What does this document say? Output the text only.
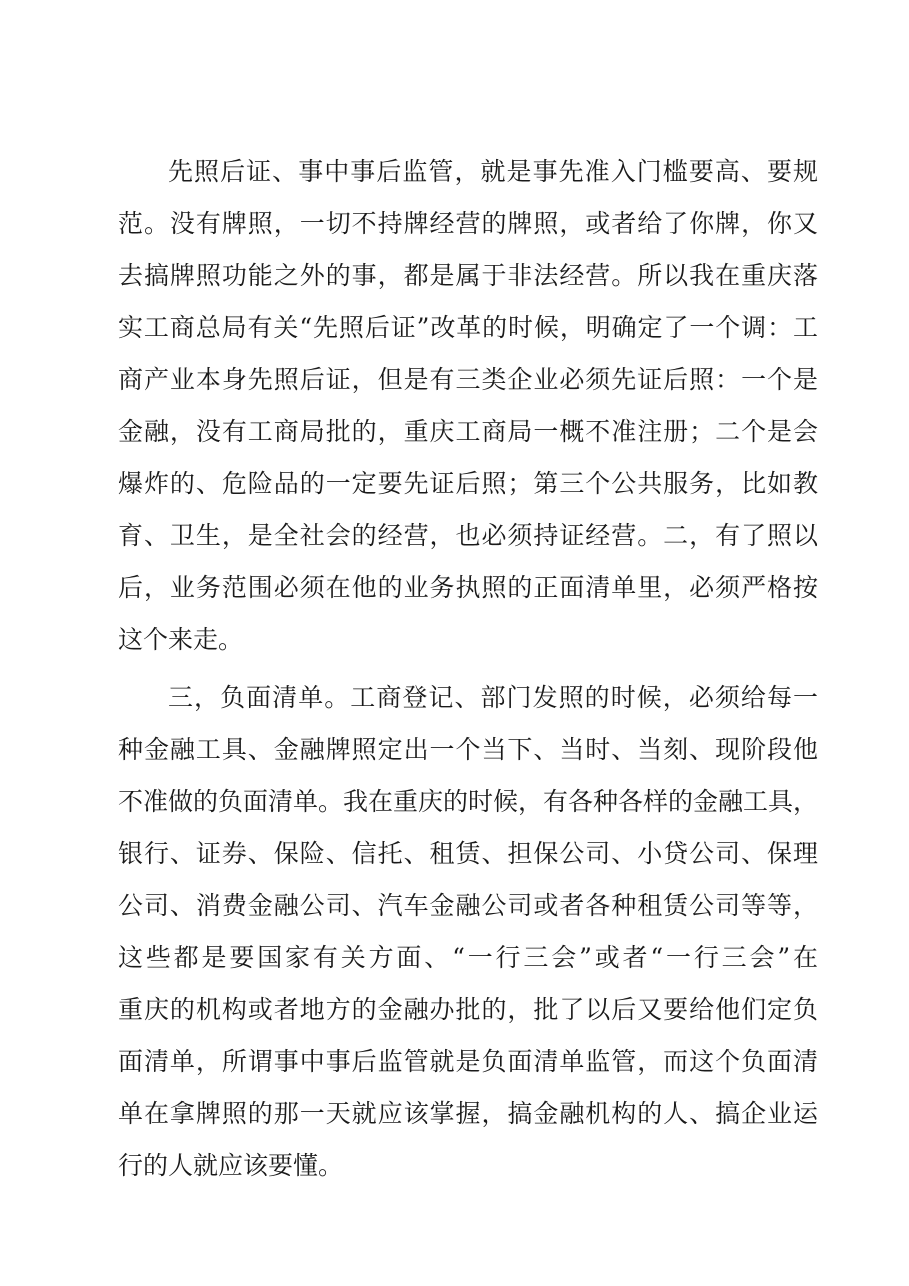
先照后证、事中事后监管，就是事先准入门槛要高、要规
范。没有牌照，一切不持牌经营的牌照，或者给了你牌，你又
去搞牌照功能之外的事，都是属于非法经营。所以我在重庆落
实工商总局有关“先照后证”改革的时候，明确定了一个调：工
商产业本身先照后证，但是有三类企业必须先证后照：一个是
金融，没有工商局批的，重庆工商局一概不准注册；二个是会
爆炸的、危险品的一定要先证后照；第三个公共服务，比如教
育、卫生，是全社会的经营，也必须持证经营。二，有了照以
后，业务范围必须在他的业务执照的正面清单里，必须严格按
这个来走。
三，负面清单。工商登记、部门发照的时候，必须给每一
种金融工具、金融牌照定出一个当下、当时、当刻、现阶段他
不准做的负面清单。我在重庆的时候，有各种各样的金融工具，
银行、证券、保险、信托、租赁、担保公司、小贷公司、保理
公司、消费金融公司、汽车金融公司或者各种租赁公司等等，
这些都是要国家有关方面、“一行三会”或者“一行三会”在
重庆的机构或者地方的金融办批的，批了以后又要给他们定负
面清单，所谓事中事后监管就是负面清单监管，而这个负面清
单在拿牌照的那一天就应该掌握，搞金融机构的人、搞企业运
行的人就应该要懂。
